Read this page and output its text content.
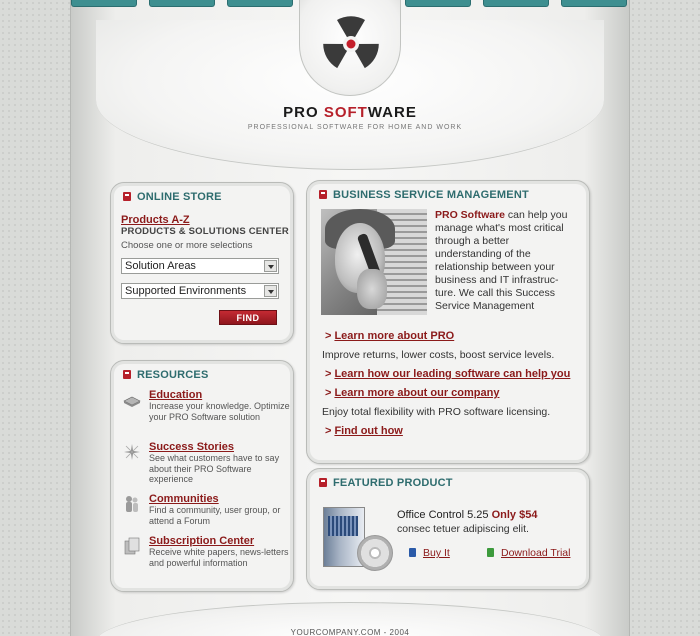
PRO SOFTWARE
PROFESSIONAL SOFTWARE FOR HOME AND WORK
ONLINE STORE
Products A-Z
PRODUCTS & SOLUTIONS CENTER
Choose one or more selections
Solution Areas
Supported Environments
FIND
RESOURCES
Education
Increase your knowledge. Optimize your PRO Software solution
Success Stories
See what customers have to say about their PRO Software experience
Communities
Find a community, user group, or attend a Forum
Subscription Center
Receive white papers, news-letters and powerful information
BUSINESS SERVICE MANAGEMENT
PRO Software can help you manage what's most critical through a better understanding of the relationship between your business and IT infrastruc-ture. We call this Success Service Management
> Learn more about PRO
Improve returns, lower costs, boost service levels.
> Learn how our leading software can help you
> Learn more about our company
Enjoy total flexibility with PRO software licensing.
> Find out how
FEATURED PRODUCT
Office Control 5.25 Only $54
consec tetuer adipiscing elit.
Buy It	Download Trial
YOURCOMPANY.COM - 2004
